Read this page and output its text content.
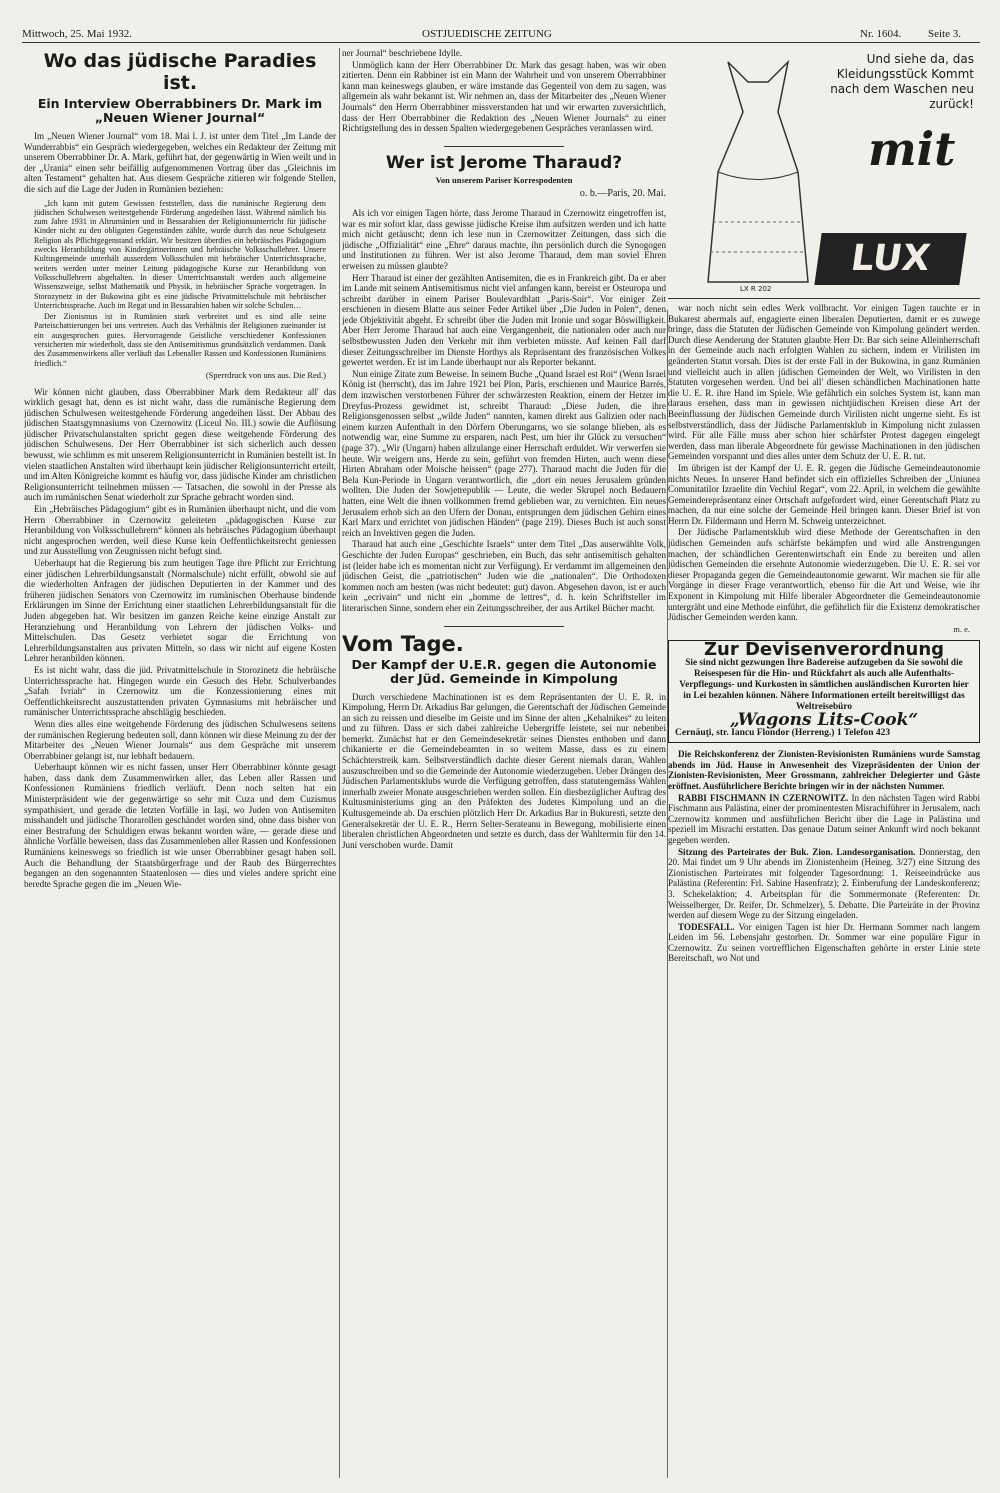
Mittwoch, 25. Mai 1932.	OSTJUEDISCHE ZEITUNG	Nr. 1604. Seite 3.
Wo das jüdische Paradies ist.
Ein Interview Oberrabbiners Dr. Mark im „Neuen Wiener Journal“

Im „Neuen Wiener Journal“ vom 18. Mai l. J. ist unter dem Titel „Im Lande der Wunderrabbis“ ein Gespräch wiedergegeben, welches ein Redakteur der Zeitung mit unserem Oberrabbiner Dr. A. Mark, geführt hat, der gegenwärtig in Wien weilt und in der „Urania“ einen sehr beifällig aufgenommenen Vortrag über das „Gleichnis im alten Testament“ gehalten hat. Aus diesem Gespräche zitieren wir folgende Stellen, die sich auf die Lage der Juden in Rumänien beziehen:

„Ich kann mit gutem Gewissen feststellen, dass die rumänische Regierung dem jüdischen Schulwesen weitestgehende Förderung angedeihen lässt. Während nämlich bis zum Jahre 1931 in Altrumänien und in Bessarabien der Religionsunterricht für jüdische Kinder nicht zu den obligaten Gegenständen zählte, wurde durch das neue Schulgesetz Religion als Pflichtgegenstand erklärt. Wir besitzen überdies ein hebräisches Pädagogium zwecks Heranbildung von Kindergärtnerinnen und hebräische Volksschullehrer. Unsere Kultusgemeinde unterhält ausserdem Volksschulen mit hebräischer Unterrichtssprache, weiters werden unter meiner Leitung pädagogische Kurse zur Heranbildung von Volksschullehrern abgehalten. In dieser Unterrichtsanstalt werden auch allgemeine Wissenszweige, selbst Mathematik und Physik, in hebräischer Sprache vorgetragen. In Storozynetz in der Bukowina gibt es eine jüdische Privatmittelschule mit hebräischer Unterrichtssprache. Auch im Regat und in Bessarabien haben wir solche Schulen…

Der Zionismus ist in Rumänien stark verbreitet und es sind alle seine Parteischattierungen bei uns vertreten. Auch das Verhältnis der Religionen zueinander ist ein ausgesprochen gutes. Hervorragende Geistliche verschiedener Konfessionen versicherten mir wiederholt, dass sie den Antisemitismus grundsätzlich verdammen. Dank des Zusammenwirkens aller verläuft das Lebenaller Rassen und Konfessionen Rumäniens friedlich.“

(Sperrdruck von uns aus. Die Red.)

Wir können nicht glauben, dass Oberrabbiner Mark dem Redakteur all' das wirklich gesagt hat, denn es ist nicht wahr, dass die rumänische Regierung dem jüdischen Schulwesen weitestgehende Förderung angedeihen lässt. Der Abbau des jüdischen Staatsgymnasiums von Czernowitz (Liceul No. III.) sowie die Auflösung jüdischer Privatschulanstalten spricht gegen diese weitgehende Förderung des jüdischen Schulwesens. Der Herr Oberrabbiner ist sich sicherlich auch dessen bewusst, wie schlimm es mit unserem Religionsunterricht in Rumänien bestellt ist. In vielen staatlichen Anstalten wird überhaupt kein jüdischer Religionsunterricht erteilt, und im Alten Königreiche kommt es häufig vor, dass jüdische Kinder am christlichen Religionsunterricht teilnehmen müssen — Tatsachen, die sowohl in der Presse als auch im rumänischen Senat wiederholt zur Sprache gebracht worden sind.

Ein „Hebräisches Pädagogium“ gibt es in Rumänien überhaupt nicht, und die vom Herrn Oberrabbiner in Czernowitz geleiteten „pädagogischen Kurse zur Heranbildung von Volksschullehrern“ können als hebräisches Pädagogium überhaupt nicht angesprochen werden, weil diese Kurse kein Oeffentlichkeitsrecht geniessen und zur Ausstellung von Zeugnissen nicht befugt sind.

Ueberhaupt hat die Regierung bis zum heutigen Tage ihre Pflicht zur Errichtung einer jüdischen Lehrerbildungsanstalt (Normalschule) nicht erfüllt, obwohl sie auf die wiederholten Anfragen der jüdischen Deputierten in der Kammer und des früheren jüdischen Senators von Czernowitz im rumänischen Oberhause bindende Erklärungen im Sinne der Errichtung einer staatlichen Lehrerbildungsanstalt für die Juden abgegeben hat. Wir besitzen im ganzen Reiche keine einzige Anstalt zur Heranziehung und Heranbildung von Lehrern der jüdischen Volks- und Mittelschulen. Das Gesetz verbietet sogar die Errichtung von Lehrerbildungsanstalten aus privaten Mitteln, so dass wir nicht auf eigene Kosten Lehrer heranbilden können.

Es ist nicht wahr, dass die jüd. Privatmittelschule in Storozinetz die hebräische Unterrichtssprache hat. Hingegen wurde ein Gesuch des Hebr. Schulverbandes „Safah Ivriah“ in Czernowitz um die Konzessionierung eines mit Oeffentlichkeitsrecht auszustattenden privaten Gymnasiums mit hebräischer und rumänischer Unterrichtssprache abschlägig beschieden.

Wenn dies alles eine weitgehende Förderung des jüdischen Schulwesens seitens der rumänischen Regierung bedeuten soll, dann können wir diese Meinung zu der der Mitarbeiter des „Neuen Wiener Journals“ aus dem Gespräche mit unserem Oberrabbiner gelangt ist, nur lebhaft bedauern.

Ueberhaupt können wir es nicht fassen, unser Herr Oberrabbiner könnte gesagt haben, dass dank dem Zusammenwirken aller, das Leben aller Rassen und Konfessionen Rumäniens friedlich verläuft. Denn noch selten hat ein Ministerpräsident wie der gegenwärtige so sehr mit Cuza und dem Cuzismus sympathisiert, und gerade die letzten Vorfälle in Iaşi, wo Juden von Antisemiten misshandelt und jüdische Thorarollen geschändet worden sind, ohne dass bisher von einer Bestrafung der Schuldigen etwas bekannt worden wäre, — gerade diese und ähnliche Vorfälle beweisen, dass das Zusammenleben aller Rassen und Konfessionen Rumäniens keineswegs so friedlich ist wie unser Oberrabbiner gesagt haben soll. Auch die Behandlung der Staatsbürgerfrage und der Raub des Bürgerrechtes begangen an den sogenannten Staatenlosen — dies und vieles andere spricht eine beredte Sprache gegen die im „Neuen Wie-

ner Journal“ beschriebene Idylle.

Unmöglich kann der Herr Oberrabbiner Dr. Mark das gesagt haben, was wir oben zitierten. Denn ein Rabbiner ist ein Mann der Wahrheit und von unserem Oberrabbiner kann man keineswegs glauben, er wäre imstande das Gegenteil von dem zu sagen, was allgemein als wahr bekannt ist. Wir nehmen an, dass der Mitarbeiter des „Neuen Wiener Journals“ den Herrn Oberrabbiner missverstanden hat und wir erwarten zuversichtlich, dass der Herr Oberrabbiner die Redaktion des „Neuen Wiener Journals“ zu einer Richtigstellung des in dessen Spalten wiedergegebenen Gespräches veranlassen wird.

Wer ist Jerome Tharaud?
Von unserem Pariser Korrespodenten
o. b.—Paris, 20. Mai.

Als ich vor einigen Tagen hörte, dass Jerome Tharaud in Czernowitz eingetroffen ist, war es mir sofort klar, dass gewisse jüdische Kreise ihm aufsitzen werden und ich hatte mich nicht getäuscht; denn ich lese nun in Czernowitzer Zeitungen, dass sich die jüdische „Offizialität“ eine „Ehre“ daraus machte, ihn persönlich durch die Synogogen und Institutionen zu führen. Wer ist also Jerome Tharaud, dem man soviel Ehren erweisen zu müssen glaubte?

Herr Tharaud ist einer der gezählten Antisemiten, die es in Frankreich gibt. Da er aber im Lande mit seinem Antisemitismus nicht viel anfangen kann, bereist er Osteuropa und schreibt darüber in einem Pariser Boulevardblatt „Paris-Soir“. Vor einiger Zeit erschienen in diesem Blatte aus seiner Feder Artikel über „Die Juden in Polen“, denen jede Objektivität abgeht. Er schreibt über die Juden mit Ironie und sogar Böswilligkeit. Aber Herr Jerome Tharaud hat auch eine Vergangenheit, die nationalen oder auch nur selbstbewussten Juden den Verkehr mit ihm verbieten müsste. Auf keinen Fall darf dieser Zeitungsschreiber im Dienste Horthys als Repräsentant des französischen Volkes gewertet werden. Er ist im Lande überhaupt nur als Reporter bekannt.

Nun einige Zitate zum Beweise. In seinem Buche „Quand Israel est Roi“ (Wenn Israel König ist (herrscht), das im Jahre 1921 bei Plon, Paris, erschienen und Maurice Barrés, dem inzwischen verstorbenen Führer der schwärzesten Reaktion, einem der Hetzer im Dreyfus-Prozess gewidmet ist, schreibt Tharaud: „Diese Juden, die ihre Religionsgenossen selbst „wilde Juden“ nannten, kamen direkt aus Galizien oder nach einem kurzen Aufenthalt in den Dörfern Oberungarns, wo sie solange blieben, als es notwendig war, eine Summe zu ersparen, nach Pest, um hier ihr Glück zu versuchen“ (page 37). „Wir (Ungarn) haben allzulange einer Herrschaft erduldet. Wir verwerfen sie heute. Wir weigern uns, Herde zu sein, geführt von fremden Hirten, auch wenn diese Hirten Abraham oder Moische heissen“ (page 277). Tharaud macht die Juden für die Bela Kun-Periode in Ungarn verantwortlich, die „dort ein neues Jerusalem gründen wollten. Die Juden der Sowjetrepublik — Leute, die weder Skrupel noch Bedauern hatten, eine Welt die ihnen vollkommen fremd geblieben war, zu vernichten. Ein neues Jerusalem erhob sich an den Ufern der Donau, entsprungen dem jüdischen Gehirn eines Karl Marx und errichtet von jüdischen Händen“ (page 219). Dieses Buch ist auch sonst reich an Invektiven gegen die Juden.

Tharaud hat auch eine „Geschichte Israels“ unter dem Titel „Das auserwählte Volk, Geschichte der Juden Europas“ geschrieben, ein Buch, das sehr antisemitisch gehalten ist (leider habe ich es momentan nicht zur Verfügung). Er verdammt im allgemeinen den jüdischen Geist, die „patriotischen“ Juden wie die „nationalen“. Die Orthodoxen kommen noch am besten (was nicht bedeutet: gut) davon. Abgesehen davon, ist er auch kein „ecrivain“ und nicht ein „homme de lettres“, d. h. kein Schriftsteller im literarischen Sinne, sondern eher ein Zeitungsschreiber, der aus Artikel Bücher macht.

Vom Tage.
Der Kampf der U.E.R. gegen die Autonomie der Jüd. Gemeinde in Kimpolung

Durch verschiedene Machinationen ist es dem Repräsentanten der U. E. R. in Kimpolung, Herrn Dr. Arkadius Bar gelungen, die Gerentschaft der Jüdischen Gemeinde an sich zu reissen und dieselbe im Geiste und im Sinne der alten „Kehalnikes“ zu leiten und zu führen. Dass er sich dabei zahlreiche Uebergriffe leistete, sei nur nebenbei bemerkt. Zunächst hat er den Gemeindesekretär seines Dienstes enthoben und dann chikanierte er die Gemeindebeamten in so weitem Masse, dass es zu einem Schächterstreik kam. Selbstverständlich dachte dieser Gerent niemals daran, Wahlen auszuschreiben und so die Gemeinde der Autonomie wiederzugeben. Ueber Drängen des Jüdischen Parlamentsklubs wurde die Verfügung getroffen, dass statutengemäss Wahlen innerhalb zweier Monate ausgeschrieben werden sollen. Ein diesbezüglicher Auftrag des Kultusministeriums ging an den Präfekten des Judetes Kimpolung und an die Kultusgemeinde ab. Da erschien plötzlich Herr Dr. Arkadius Bar in Bukuresti, setzte den Generalsekretär der U. E. R., Herrn Selter-Serateanu in Bewegung, mobilisierte einen liberalen christlichen Abgeordneten und setzte es durch, dass der Wahltermin für den 14. Juni verschoben wurde. Damit

Und siehe da, das Kleidungsstück Kommt nach dem Waschen neu zurück!
mit
LUX
LX R 202

war noch nicht sein edles Werk vollbracht. Vor einigen Tagen tauchte er in Bukarest abermals auf, engagierte einen liberalen Deputierten, damit er es zuwege bringe, dass die Statuten der Jüdischen Gemeinde von Kimpolung geändert werden. Durch diese Aenderung der Statuten glaubte Herr Dr. Bar sich seine Alleinherrschaft in der Gemeinde auch nach erfolgten Wahlen zu sichern, indem er Virilisten im geänderten Statut vorsah. Dies ist der erste Fall in der Bukowina, in ganz Rumänien und vielleicht auch in allen jüdischen Gemeinden der Welt, wo Virilisten in den Statuten vorgesehen werden. Und bei all' diesen schändlichen Machinationen hatte die U. E. R. ihre Hand im Spiele. Wie gefährlich ein solches System ist, kann man daraus ersehen, dass man in gewissen nichtjüdischen Kreisen diese Art der Beeinflussung der Jüdischen Gemeinde durch Virilisten nicht ungerne sieht. Es ist selbstverständlich, dass der Jüdische Parlamentsklub in Kimpolung nicht zulassen wird. Für alle Fälle muss aber schon hier schärfster Protest dagegen eingelegt werden, dass man liberale Abgeordnete für gewisse Machinationen in den jüdischen Gemeinden vorspannt und dies alles unter dem Schutz der U. E. R. tut.

Im übrigen ist der Kampf der U. E. R. gegen die Jüdische Gemeindeautonomie nichts Neues. In unserer Hand befindet sich ein offizielles Schreiben der „Uniunea Comunitatilor Izraelite din Vechiul Regat“, vom 22. April, in welchem die gewählte Gemeinderepräsentanz einer Ortschaft aufgefordert wird, einer Gerentschaft Platz zu machen, da nur eine solche der Gemeinde Heil bringen kann. Dieser Brief ist von Herrn Dr. Fildermann und Herrn M. Schweig unterzeichnet.

Der Jüdische Parlamentsklub wird diese Methode der Gerentschaften in den jüdischen Gemeinden aufs schärfste bekämpfen und wird alle Anstrengungen machen, der schändlichen Gerentenwirtschaft ein Ende zu bereiten und allen jüdischen Gemeinden die ersehnte Autonomie wiederzugeben. Die U. E. R. sei vor dieser Propaganda gegen die Gemeindeautonomie gewarnt. Wir machen sie für alle Vorgänge in dieser Frage verantwortlich, ebenso für die Art und Weise, wie ihr Exponent in Kimpolung mit Hilfe liberaler Abgeordneter die Gemeindeautonomie untergräbt und eine Methode einführt, die gefährlich für die Existenz demokratischer Jüdischer Gemeinden werden kann.

m. e.
Zur Devisenverordnung
Sie sind nicht gezwungen Ihre Badereise aufzugeben da Sie sowohl die Reisespesen für die Hin- und Rückfahrt als auch alle Aufenthalts-Verpflegungs- und Kurkosten in sämtlichen ausländischen Kurorten hier in Lei bezahlen können. Nähere Informationen erteilt bereitwilligst das Weltreisebüro
„Wagons Lits-Cook“
Cernăuţi, str. Iancu Flondor (Herreng.) 1 Telefon 423

Die Reichskonferenz der Zionisten-Revisionisten Rumäniens wurde Samstag abends im Jüd. Hause in Anwesenheit des Vizepräsidenten der Union der Zionisten-Revisionisten, Meer Grossmann, zahlreicher Delegierter und Gäste eröffnet. Ausführlichere Berichte bringen wir in der nächsten Nummer.

RABBI FISCHMANN IN CZERNOWITZ. In den nächsten Tagen wird Rabbi Fischmann aus Palästina, einer der prominentesten Misrachiführer in Jerusalem, nach Czernowitz kommen und ausführlichen Bericht über die Lage in Palästina und speziell im Misrachi erstatten. Das genaue Datum seiner Ankunft wird noch bekannt gegeben werden.

Sitzung des Parteirates der Buk. Zion. Landesorganisation. Donnerstag, den 20. Mai findet um 9 Uhr abends im Zionistenheim (Heineg. 3/27) eine Sitzung des Zionistischen Parteirates mit folgender Tagesordnung: 1. Reiseeindrücke aus Palästina (Referentin: Frl. Sabine Hasenfratz); 2. Einberufung der Landeskonferenz; 3. Schekelaktion; 4. Arbeitsplan für die Sommermonate (Referenten: Dr. Weisselberger, Dr. Reifer, Dr. Schmelzer), 5. Debatte. Die Parteiräte in der Provinz werden auf diesem Wege zu der Sitzung eingeladen.

TODESFALL. Vor einigen Tagen ist hier Dr. Hermann Sommer nach langem Leiden im 56. Lebensjahr gestorben. Dr. Sommer war eine populäre Figur in Czernowitz. Zu seinen vortrefflichen Eigenschaften gehörte in erster Linie stete Bereitschaft, wo Not und
